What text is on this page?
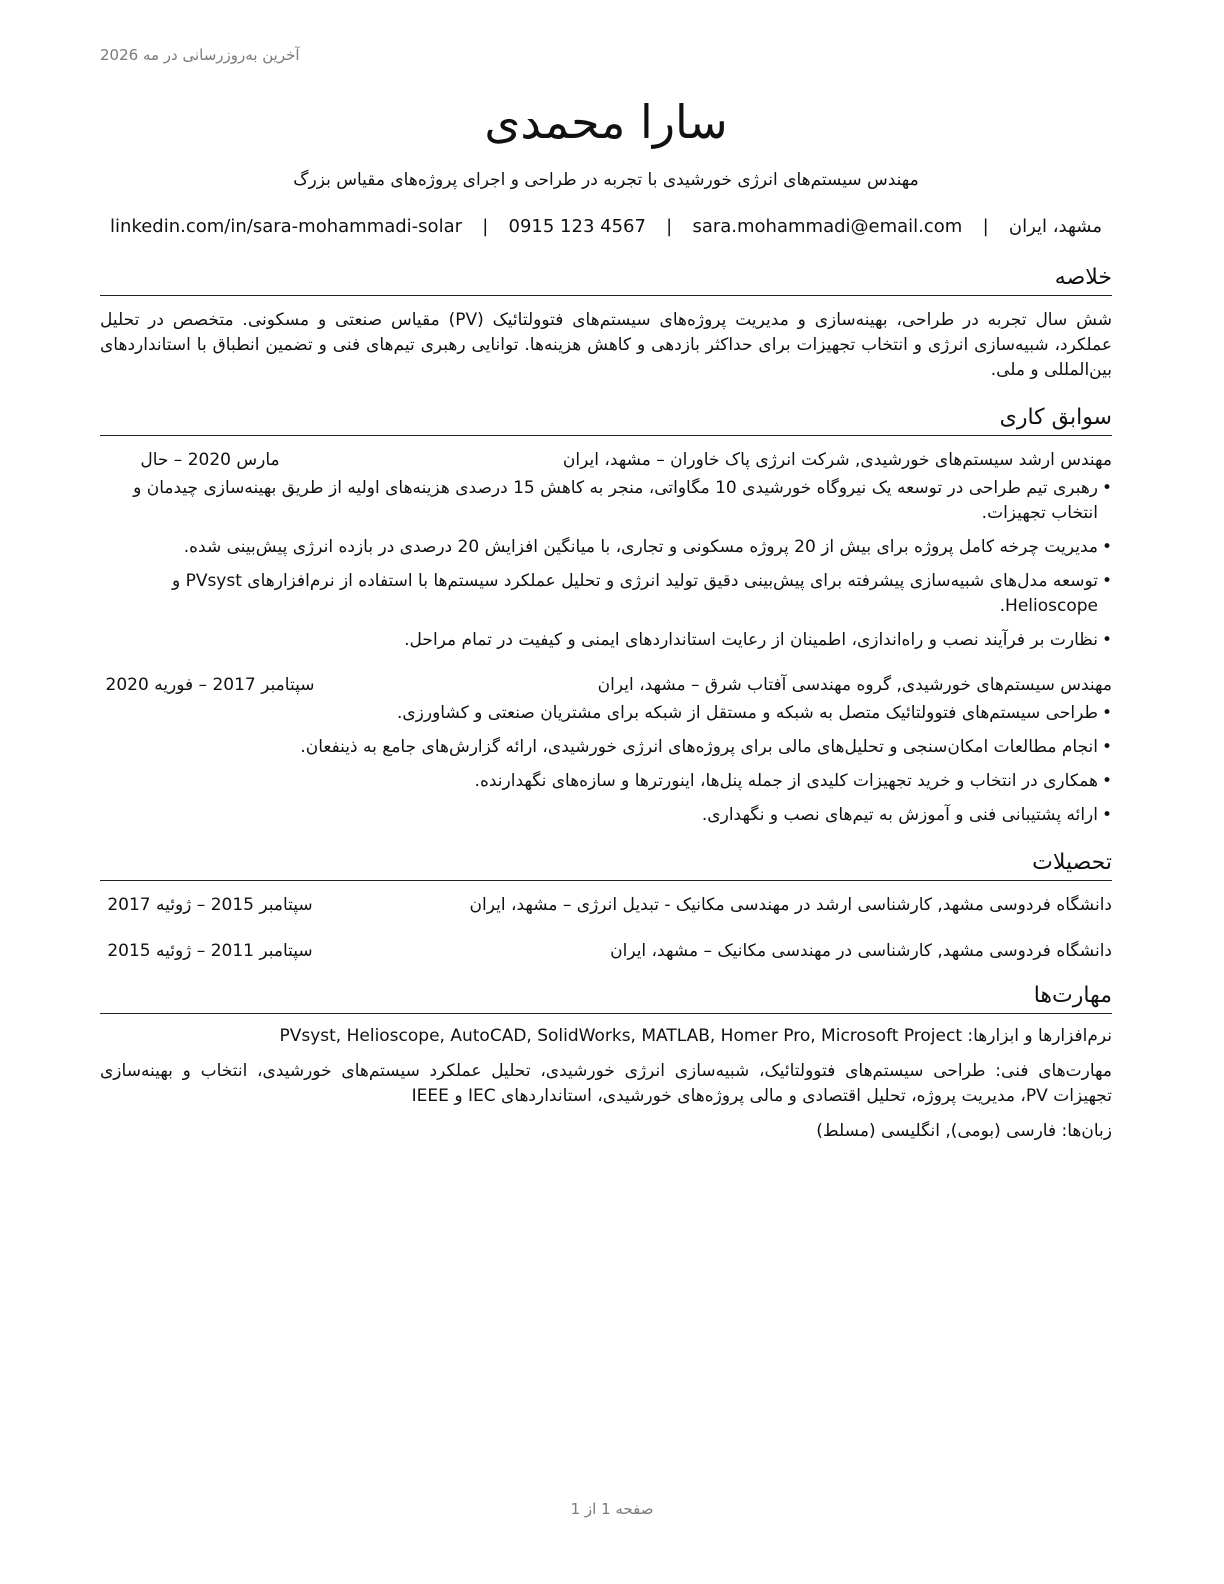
آخرین به‌روزرسانی در مه 2026
سارا محمدی
مهندس سیستم‌های انرژی خورشیدی با تجربه در طراحی و اجرای پروژه‌های مقیاس بزرگ
مشهد، ایران
|
sara.mohammadi@email.com
|
0915 123 4567
|
linkedin.com/in/sara-mohammadi-solar
خلاصه
شش سال تجربه در طراحی، بهینه‌سازی و مدیریت پروژه‌های سیستم‌های فتوولتائیک (PV) مقیاس صنعتی و مسکونی. متخصص در تحلیل عملکرد، شبیه‌سازی انرژی و انتخاب تجهیزات برای حداکثر بازدهی و کاهش هزینه‌ها. توانایی رهبری تیم‌های فنی و تضمین انطباق با استانداردهای بین‌المللی و ملی.
سوابق کاری
مهندس ارشد سیستم‌های خورشیدی, شرکت انرژی پاک خاوران – مشهد، ایران
مارس 2020 – حال
• رهبری تیم طراحی در توسعه یک نیروگاه خورشیدی 10 مگاواتی، منجر به کاهش 15 درصدی هزینه‌های اولیه از طریق بهینه‌سازی چیدمان و انتخاب تجهیزات.
• مدیریت چرخه کامل پروژه برای بیش از 20 پروژه مسکونی و تجاری، با میانگین افزایش 20 درصدی در بازده انرژی پیش‌بینی شده.
• توسعه مدل‌های شبیه‌سازی پیشرفته برای پیش‌بینی دقیق تولید انرژی و تحلیل عملکرد سیستم‌ها با استفاده از نرم‌افزارهای PVsyst و Helioscope.
• نظارت بر فرآیند نصب و راه‌اندازی، اطمینان از رعایت استانداردهای ایمنی و کیفیت در تمام مراحل.
مهندس سیستم‌های خورشیدی, گروه مهندسی آفتاب شرق – مشهد، ایران
سپتامبر 2017 – فوریه 2020
• طراحی سیستم‌های فتوولتائیک متصل به شبکه و مستقل از شبکه برای مشتریان صنعتی و کشاورزی.
• انجام مطالعات امکان‌سنجی و تحلیل‌های مالی برای پروژه‌های انرژی خورشیدی، ارائه گزارش‌های جامع به ذینفعان.
• همکاری در انتخاب و خرید تجهیزات کلیدی از جمله پنل‌ها، اینورترها و سازه‌های نگهدارنده.
• ارائه پشتیبانی فنی و آموزش به تیم‌های نصب و نگهداری.
تحصیلات
دانشگاه فردوسی مشهد, کارشناسی ارشد در مهندسی مکانیک - تبدیل انرژی – مشهد، ایران
سپتامبر 2015 – ژوئیه 2017
دانشگاه فردوسی مشهد, کارشناسی در مهندسی مکانیک – مشهد، ایران
سپتامبر 2011 – ژوئیه 2015
مهارت‌ها
نرم‌افزارها و ابزارها: PVsyst, Helioscope, AutoCAD, SolidWorks, MATLAB, Homer Pro, Microsoft Project
مهارت‌های فنی: طراحی سیستم‌های فتوولتائیک، شبیه‌سازی انرژی خورشیدی، تحلیل عملکرد سیستم‌های خورشیدی، انتخاب و بهینه‌سازی تجهیزات PV، مدیریت پروژه، تحلیل اقتصادی و مالی پروژه‌های خورشیدی، استانداردهای IEC و IEEE
زبان‌ها: فارسی (بومی), انگلیسی (مسلط)
صفحه 1 از 1
